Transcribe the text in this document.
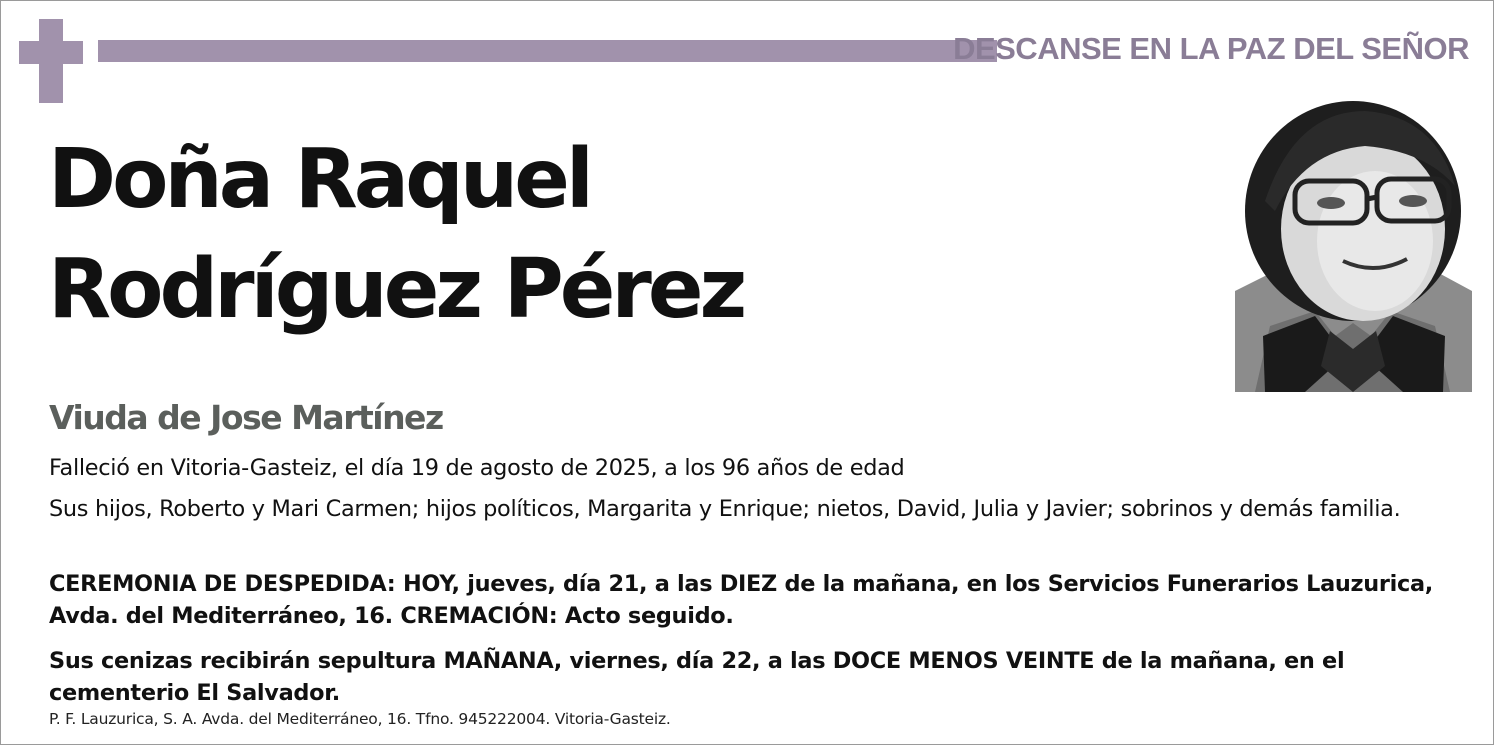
DESCANSE EN LA PAZ DEL SEÑOR
Doña Raquel
Rodríguez Pérez
Viuda de Jose Martínez

Falleció en Vitoria-Gasteiz, el día 19 de agosto de 2025, a los 96 años de edad

Sus hijos, Roberto y Mari Carmen; hijos políticos, Margarita y Enrique; nietos, David, Julia y Javier; sobrinos y demás familia.

CEREMONIA DE DESPEDIDA: HOY, jueves, día 21, a las DIEZ de la mañana, en los Servicios Funerarios Lauzurica, Avda. del Mediterráneo, 16. CREMACIÓN: Acto seguido.

Sus cenizas recibirán sepultura MAÑANA, viernes, día 22, a las DOCE MENOS VEINTE de la mañana, en el cementerio El Salvador.

P. F. Lauzurica, S. A. Avda. del Mediterráneo, 16. Tfno. 945222004. Vitoria-Gasteiz.
